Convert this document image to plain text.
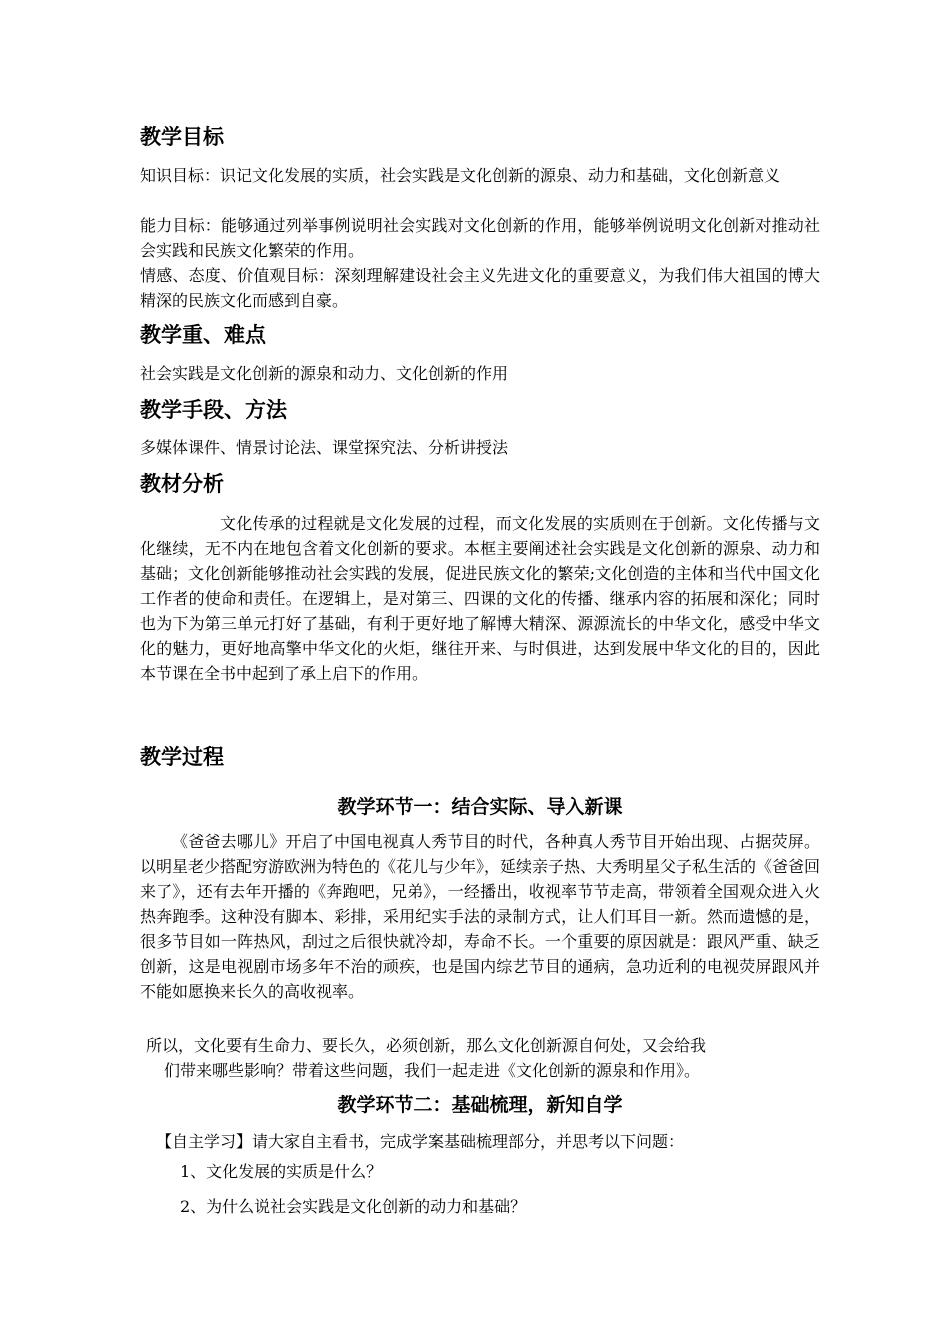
教学目标

知识目标：识记文化发展的实质，社会实践是文化创新的源泉、动力和基础，文化创新意义

能力目标：能够通过列举事例说明社会实践对文化创新的作用，能够举例说明文化创新对推动社会实践和民族文化繁荣的作用。

情感、态度、价值观目标：深刻理解建设社会主义先进文化的重要意义，为我们伟大祖国的博大精深的民族文化而感到自豪。

教学重、难点

社会实践是文化创新的源泉和动力、文化创新的作用

教学手段、方法

多媒体课件、情景讨论法、课堂探究法、分析讲授法

教材分析

文化传承的过程就是文化发展的过程，而文化发展的实质则在于创新。文化传播与文化继续，无不内在地包含着文化创新的要求。本框主要阐述社会实践是文化创新的源泉、动力和基础；文化创新能够推动社会实践的发展，促进民族文化的繁荣;文化创造的主体和当代中国文化工作者的使命和责任。在逻辑上，是对第三、四课的文化的传播、继承内容的拓展和深化；同时也为下为第三单元打好了基础，有利于更好地了解博大精深、源源流长的中华文化，感受中华文化的魅力，更好地高擎中华文化的火炬，继往开来、与时俱进，达到发展中华文化的目的，因此本节课在全书中起到了承上启下的作用。

教学过程
教学环节一：结合实际、导入新课

《爸爸去哪儿》开启了中国电视真人秀节目的时代，各种真人秀节目开始出现、占据荧屏。以明星老少搭配穷游欧洲为特色的《花儿与少年》，延续亲子热、大秀明星父子私生活的《爸爸回来了》，还有去年开播的《奔跑吧，兄弟》，一经播出，收视率节节走高，带领着全国观众进入火热奔跑季。这种没有脚本、彩排，采用纪实手法的录制方式，让人们耳目一新。然而遗憾的是，很多节目如一阵热风，刮过之后很快就冷却，寿命不长。一个重要的原因就是：跟风严重、缺乏创新，这是电视剧市场多年不治的顽疾，也是国内综艺节目的通病，急功近利的电视荧屏跟风并不能如愿换来长久的高收视率。

所以，文化要有生命力、要长久，必须创新，那么文化创新源自何处，又会给我

们带来哪些影响？带着这些问题，我们一起走进《文化创新的源泉和作用》。

教学环节二：基础梳理，新知自学

【自主学习】请大家自主看书，完成学案基础梳理部分，并思考以下问题：

1、文化发展的实质是什么？

2、为什么说社会实践是文化创新的动力和基础？
